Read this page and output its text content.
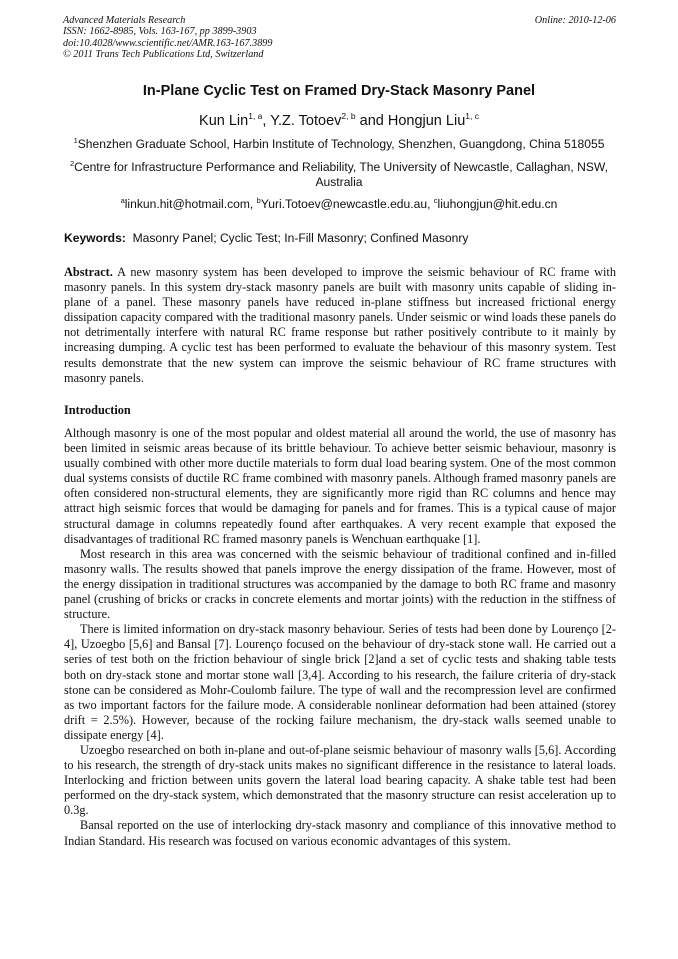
Advanced Materials Research
ISSN: 1662-8985, Vols. 163-167, pp 3899-3903
doi:10.4028/www.scientific.net/AMR.163-167.3899
© 2011 Trans Tech Publications Ltd, Switzerland
Online: 2010-12-06
In-Plane Cyclic Test on Framed Dry-Stack Masonry Panel
Kun Lin$^{1, a}$, Y.Z. Totoev$^{2, b}$ and Hongjun Liu$^{1, c}$
$^1$Shenzhen Graduate School, Harbin Institute of Technology, Shenzhen, Guangdong, China 518055
$^2$Centre for Infrastructure Performance and Reliability, The University of Newcastle, Callaghan, NSW, Australia
$^a$linkun.hit@hotmail.com, $^b$Yuri.Totoev@newcastle.edu.au, $^c$liuhongjun@hit.edu.cn
Keywords: Masonry Panel; Cyclic Test; In-Fill Masonry; Confined Masonry
Abstract. A new masonry system has been developed to improve the seismic behaviour of RC frame with masonry panels. In this system dry-stack masonry panels are built with masonry units capable of sliding in-plane of a panel. These masonry panels have reduced in-plane stiffness but increased frictional energy dissipation capacity compared with the traditional masonry panels. Under seismic or wind loads these panels do not detrimentally interfere with natural RC frame response but rather positively contribute to it mainly by increasing dumping. A cyclic test has been performed to evaluate the behaviour of this masonry system. Test results demonstrate that the new system can improve the seismic behaviour of RC frame structures with masonry panels.
Introduction

Although masonry is one of the most popular and oldest material all around the world, the use of masonry has been limited in seismic areas because of its brittle behaviour. To achieve better seismic behaviour, masonry is usually combined with other more ductile materials to form dual load bearing system. One of the most common dual systems consists of ductile RC frame combined with masonry panels. Although framed masonry panels are often considered non-structural elements, they are significantly more rigid than RC columns and hence may attract high seismic forces that would be damaging for panels and for frames. This is a typical cause of major structural damage in columns repeatedly found after earthquakes. A very recent example that exposed the disadvantages of traditional RC framed masonry panels is Wenchuan earthquake [1].

Most research in this area was concerned with the seismic behaviour of traditional confined and in-filled masonry walls. The results showed that panels improve the energy dissipation of the frame. However, most of the energy dissipation in traditional structures was accompanied by the damage to both RC frame and masonry panel (crushing of bricks or cracks in concrete elements and mortar joints) with the reduction in the stiffness of structure.

There is limited information on dry-stack masonry behaviour. Series of tests had been done by Lourenço [2-4], Uzoegbo [5,6] and Bansal [7]. Lourenço focused on the behaviour of dry-stack stone wall. He carried out a series of test both on the friction behaviour of single brick [2]and a set of cyclic tests and shaking table tests both on dry-stack stone and mortar stone wall [3,4]. According to his research, the failure criteria of dry-stack stone can be considered as Mohr-Coulomb failure. The type of wall and the recompression level are confirmed as two important factors for the failure mode. A considerable nonlinear deformation had been attained (storey drift = 2.5%). However, because of the rocking failure mechanism, the dry-stack walls seemed unable to dissipate energy [4].

Uzoegbo researched on both in-plane and out-of-plane seismic behaviour of masonry walls [5,6]. According to his research, the strength of dry-stack units makes no significant difference in the resistance to lateral loads. Interlocking and friction between units govern the lateral load bearing capacity. A shake table test had been performed on the dry-stack system, which demonstrated that the masonry structure can resist acceleration up to 0.3g.

Bansal reported on the use of interlocking dry-stack masonry and compliance of this innovative method to Indian Standard. His research was focused on various economic advantages of this system.
